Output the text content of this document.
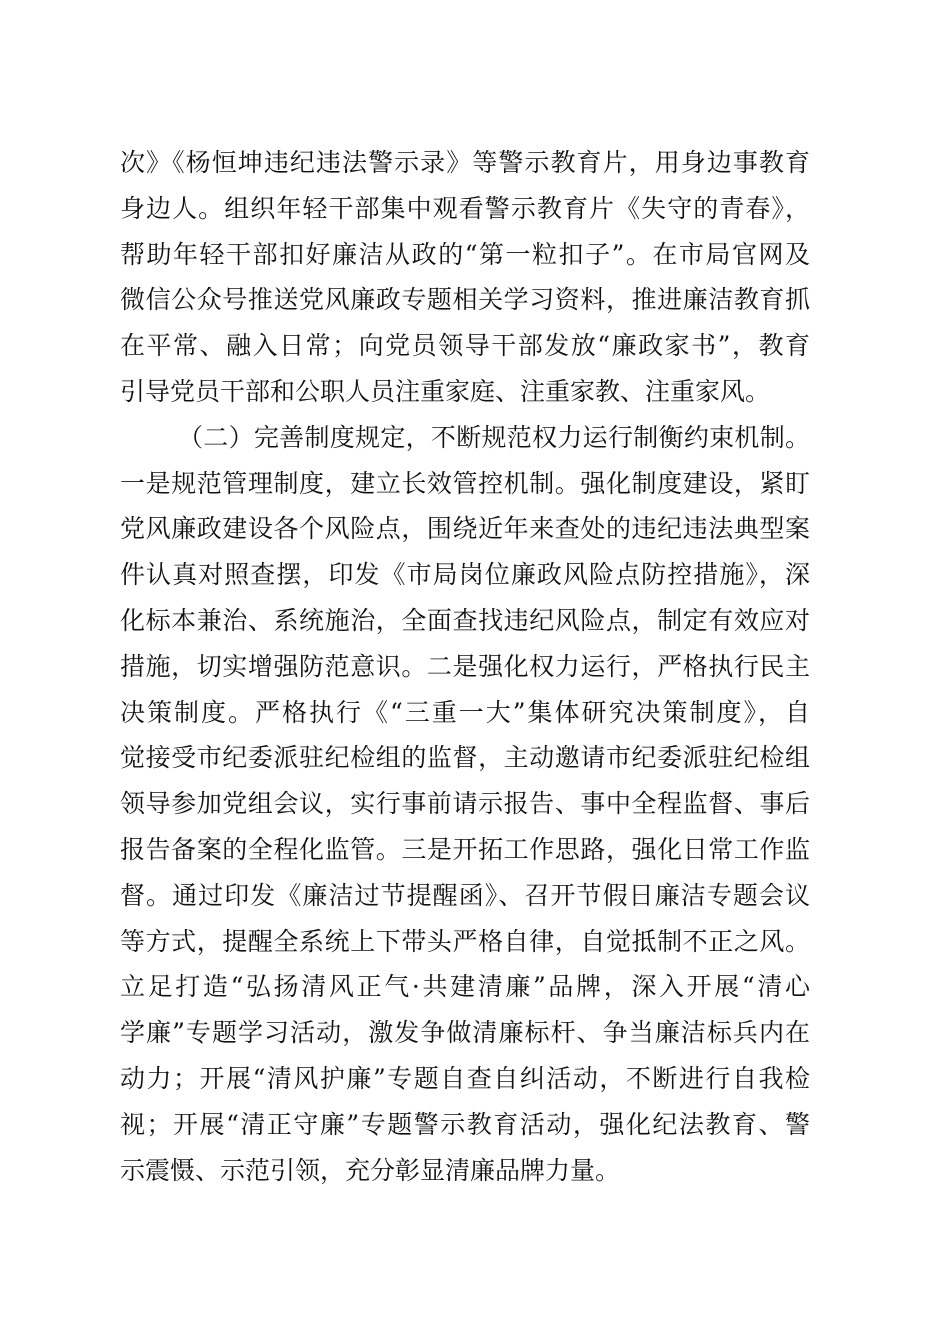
次》《杨恒坤违纪违法警示录》等警示教育片，用身边事教育
身边人。组织年轻干部集中观看警示教育片《失守的青春》，
帮助年轻干部扣好廉洁从政的“第一粒扣子”。在市局官网及
微信公众号推送党风廉政专题相关学习资料，推进廉洁教育抓
在平常、融入日常；向党员领导干部发放“廉政家书”，教育
引导党员干部和公职人员注重家庭、注重家教、注重家风。
（二）完善制度规定，不断规范权力运行制衡约束机制。
一是规范管理制度，建立长效管控机制。强化制度建设，紧盯
党风廉政建设各个风险点，围绕近年来查处的违纪违法典型案
件认真对照查摆，印发《市局岗位廉政风险点防控措施》，深
化标本兼治、系统施治，全面查找违纪风险点，制定有效应对
措施，切实增强防范意识。二是强化权力运行，严格执行民主
决策制度。严格执行《“三重一大”集体研究决策制度》，自
觉接受市纪委派驻纪检组的监督，主动邀请市纪委派驻纪检组
领导参加党组会议，实行事前请示报告、事中全程监督、事后
报告备案的全程化监管。三是开拓工作思路，强化日常工作监
督。通过印发《廉洁过节提醒函》、召开节假日廉洁专题会议
等方式，提醒全系统上下带头严格自律，自觉抵制不正之风。
立足打造“弘扬清风正气·共建清廉”品牌，深入开展“清心
学廉”专题学习活动，激发争做清廉标杆、争当廉洁标兵内在
动力；开展“清风护廉”专题自查自纠活动，不断进行自我检
视；开展“清正守廉”专题警示教育活动，强化纪法教育、警
示震慑、示范引领，充分彰显清廉品牌力量。
